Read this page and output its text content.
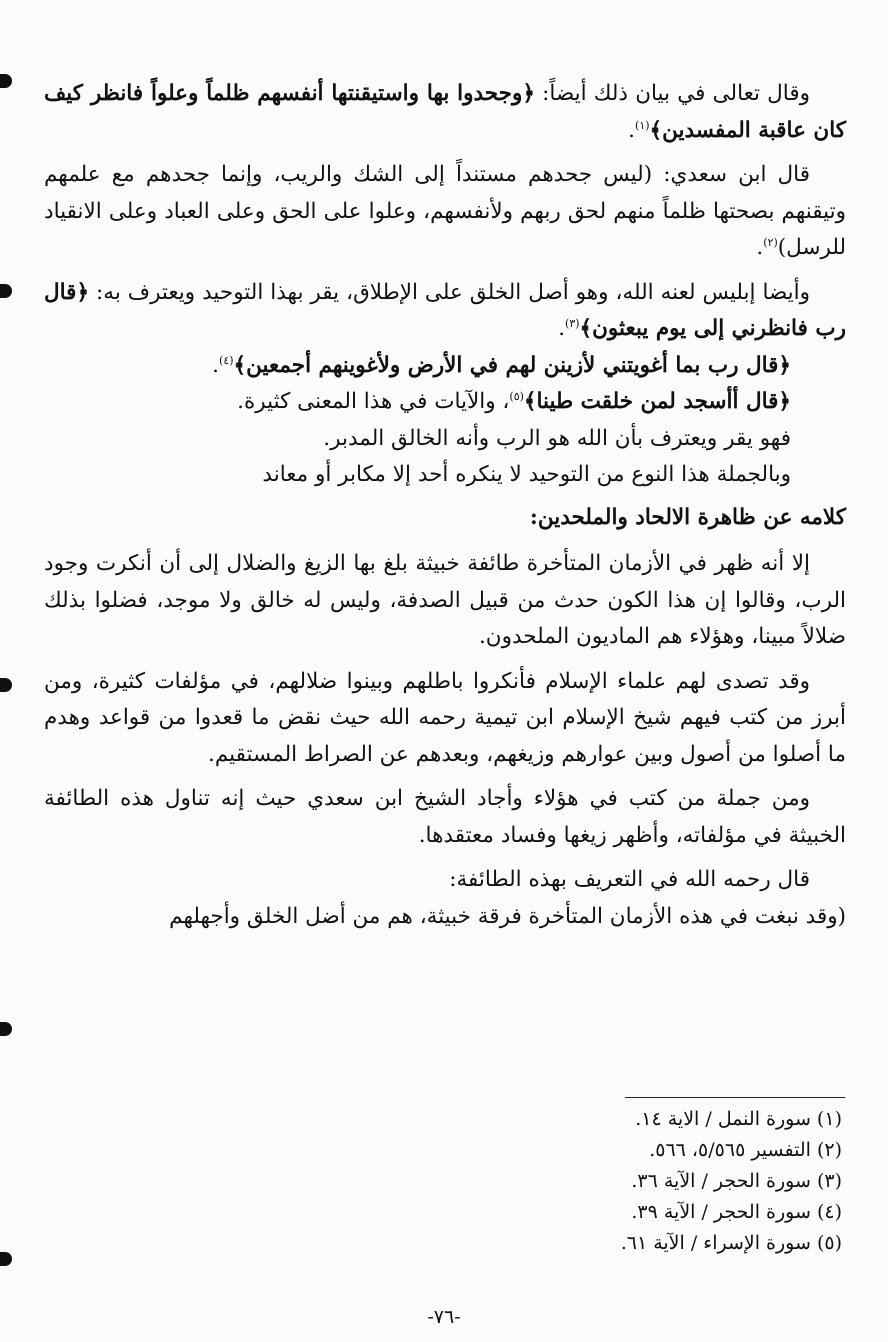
وقال تعالى في بيان ذلك أيضاً: ﴿وجحدوا بها واستيقنتها أنفسهم ظلماً وعلواً فانظر كيف كان عاقبة المفسدين﴾$^{(١)}$.

قال ابن سعدي: (ليس جحدهم مستنداً إلى الشك والريب، وإنما جحدهم مع علمهم وتيقنهم بصحتها ظلماً منهم لحق ربهم ولأنفسهم، وعلوا على الحق وعلى العباد وعلى الانقياد للرسل)$^{(٢)}$.

وأيضا إبليس لعنه الله، وهو أصل الخلق على الإطلاق، يقر بهذا التوحيد ويعترف به: ﴿قال رب فانظرني إلى يوم يبعثون﴾$^{(٣)}$.

﴿قال رب بما أغويتني لأزينن لهم في الأرض ولأغوينهم أجمعين﴾$^{(٤)}$.

﴿قال أأسجد لمن خلقت طينا﴾$^{(٥)}$، والآيات في هذا المعنى كثيرة.

فهو يقر ويعترف بأن الله هو الرب وأنه الخالق المدبر.

وبالجملة هذا النوع من التوحيد لا ينكره أحد إلا مكابر أو معاند

كلامه عن ظاهرة الالحاد والملحدين:

إلا أنه ظهر في الأزمان المتأخرة طائفة خبيثة بلغ بها الزيغ والضلال إلى أن أنكرت وجود الرب، وقالوا إن هذا الكون حدث من قبيل الصدفة، وليس له خالق ولا موجد، فضلوا بذلك ضلالاً مبينا، وهؤلاء هم الماديون الملحدون.

وقد تصدى لهم علماء الإسلام فأنكروا باطلهم وبينوا ضلالهم، في مؤلفات كثيرة، ومن أبرز من كتب فيهم شيخ الإسلام ابن تيمية رحمه الله حيث نقض ما قعدوا من قواعد وهدم ما أصلوا من أصول وبين عوارهم وزيغهم، وبعدهم عن الصراط المستقيم.

ومن جملة من كتب في هؤلاء وأجاد الشيخ ابن سعدي حيث إنه تناول هذه الطائفة الخبيثة في مؤلفاته، وأظهر زيغها وفساد معتقدها.

قال رحمه الله في التعريف بهذه الطائفة:

(وقد نبغت في هذه الأزمان المتأخرة فرقة خبيثة، هم من أضل الخلق وأجهلهم

(١) سورة النمل / الاية ١٤.

(٢) التفسير ٥/٥٦٥، ٥٦٦.

(٣) سورة الحجر / الآية ٣٦.

(٤) سورة الحجر / الآية ٣٩.

(٥) سورة الإسراء / الآية ٦١.

-٧٦-
